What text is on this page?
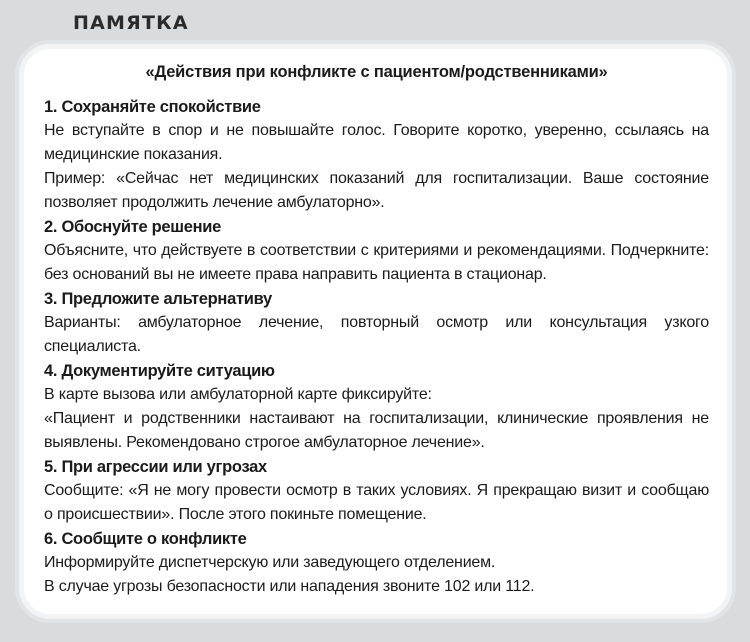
ПАМЯТКА
«Действия при конфликте с пациентом/родственниками»
1. Сохраняйте спокойствие
Не вступайте в спор и не повышайте голос. Говорите коротко, уверенно, ссылаясь на медицинские показания.
Пример: «Сейчас нет медицинских показаний для госпитализации. Ваше состояние позволяет продолжить лечение амбулаторно».
2. Обоснуйте решение
Объясните, что действуете в соответствии с критериями и рекомендациями. Подчеркните: без оснований вы не имеете права направить пациента в стационар.
3. Предложите альтернативу
Варианты: амбулаторное лечение, повторный осмотр или консультация узкого специалиста.
4. Документируйте ситуацию
В карте вызова или амбулаторной карте фиксируйте:
«Пациент и родственники настаивают на госпитализации, клинические проявления не выявлены. Рекомендовано строгое амбулаторное лечение».
5. При агрессии или угрозах
Сообщите: «Я не могу провести осмотр в таких условиях. Я прекращаю визит и сообщаю о происшествии». После этого покиньте помещение.
6. Сообщите о конфликте
Информируйте диспетчерскую или заведующего отделением.
В случае угрозы безопасности или нападения звоните 102 или 112.
